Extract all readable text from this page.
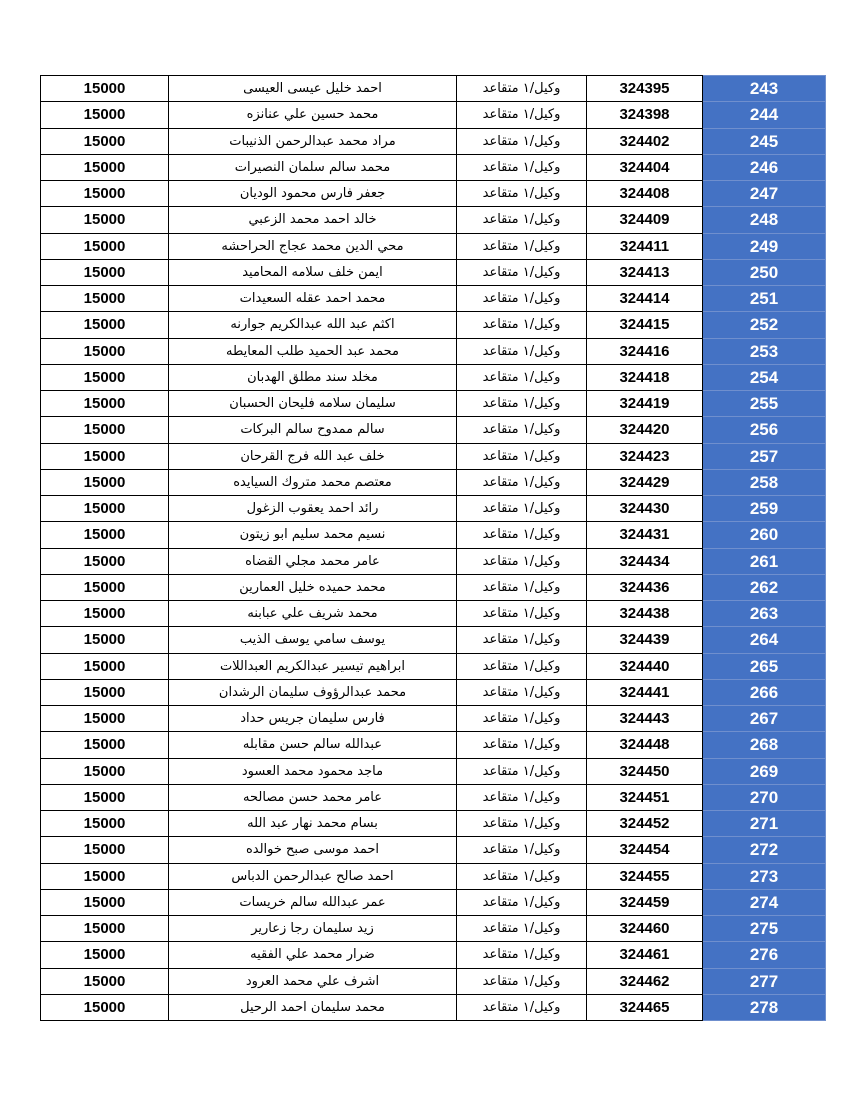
15000	احمد خليل عيسى العيسى	وكيل/١ متقاعد	324395	243
15000	محمد حسين علي عنانزه	وكيل/١ متقاعد	324398	244
15000	مراد محمد عبدالرحمن الذنيبات	وكيل/١ متقاعد	324402	245
15000	محمد سالم سلمان النصيرات	وكيل/١ متقاعد	324404	246
15000	جعفر فارس محمود الوديان	وكيل/١ متقاعد	324408	247
15000	خالد احمد محمد الزعبي	وكيل/١ متقاعد	324409	248
15000	محي الدين محمد عجاج الحراحشه	وكيل/١ متقاعد	324411	249
15000	ايمن خلف سلامه المحاميد	وكيل/١ متقاعد	324413	250
15000	محمد احمد عقله السعيدات	وكيل/١ متقاعد	324414	251
15000	اكثم عبد الله عبدالكريم جوارنه	وكيل/١ متقاعد	324415	252
15000	محمد عبد الحميد طلب المعايطه	وكيل/١ متقاعد	324416	253
15000	مخلد سند مطلق الهدبان	وكيل/١ متقاعد	324418	254
15000	سليمان سلامه فليحان الحسبان	وكيل/١ متقاعد	324419	255
15000	سالم ممدوح سالم البركات	وكيل/١ متقاعد	324420	256
15000	خلف عبد الله فرج القرحان	وكيل/١ متقاعد	324423	257
15000	معتصم محمد متروك السيايده	وكيل/١ متقاعد	324429	258
15000	رائد احمد يعقوب الزغول	وكيل/١ متقاعد	324430	259
15000	نسيم محمد سليم ابو زيتون	وكيل/١ متقاعد	324431	260
15000	عامر محمد مجلي القضاه	وكيل/١ متقاعد	324434	261
15000	محمد حميده خليل العمارين	وكيل/١ متقاعد	324436	262
15000	محمد شريف علي عبابنه	وكيل/١ متقاعد	324438	263
15000	يوسف سامي يوسف الذيب	وكيل/١ متقاعد	324439	264
15000	ابراهيم تيسير عبدالكريم العبداللات	وكيل/١ متقاعد	324440	265
15000	محمد عبدالرؤوف سليمان الرشدان	وكيل/١ متقاعد	324441	266
15000	فارس سليمان جريس حداد	وكيل/١ متقاعد	324443	267
15000	عبدالله سالم حسن مقابله	وكيل/١ متقاعد	324448	268
15000	ماجد محمود محمد العسود	وكيل/١ متقاعد	324450	269
15000	عامر محمد حسن مصالحه	وكيل/١ متقاعد	324451	270
15000	بسام محمد نهار عبد الله	وكيل/١ متقاعد	324452	271
15000	احمد موسى صبح خوالده	وكيل/١ متقاعد	324454	272
15000	احمد صالح عبدالرحمن الدباس	وكيل/١ متقاعد	324455	273
15000	عمر عبدالله سالم خريسات	وكيل/١ متقاعد	324459	274
15000	زيد سليمان رجا زعارير	وكيل/١ متقاعد	324460	275
15000	ضرار محمد علي الفقيه	وكيل/١ متقاعد	324461	276
15000	اشرف علي محمد العرود	وكيل/١ متقاعد	324462	277
15000	محمد سليمان احمد الرحيل	وكيل/١ متقاعد	324465	278
